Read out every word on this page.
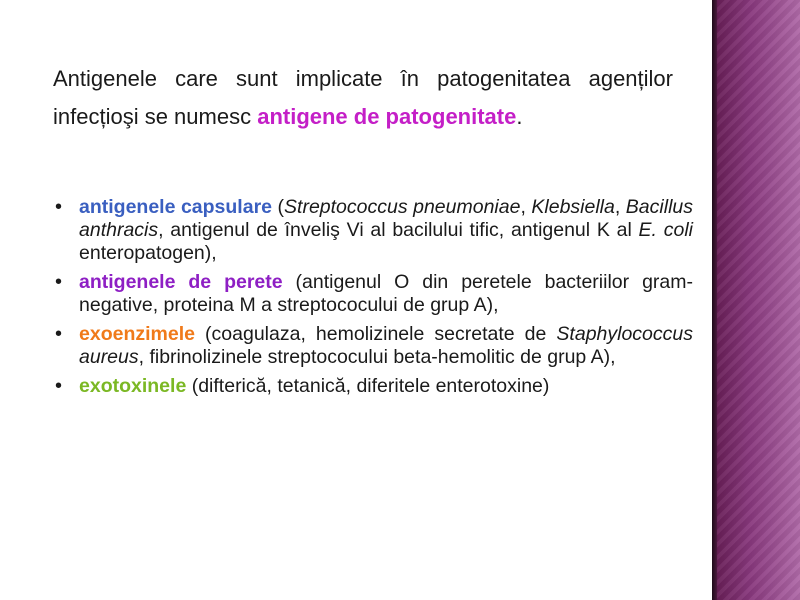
Antigenele care sunt implicate în patogenitatea agenților infecțioşi se numesc antigene de patogenitate.

• antigenele capsulare (Streptococcus pneumoniae, Klebsiella, Bacillus anthracis, antigenul de înveliş Vi al bacilului tific, antigenul K al E. coli enteropatogen),
• antigenele de perete (antigenul O din peretele bacteriilor gram-negative, proteina M a streptococului de grup A),
• exoenzimele (coagulaza, hemolizinele secretate de Staphylococcus aureus, fibrinolizinele streptococului beta-hemolitic de grup A),
• exotoxinele (difterică, tetanică, diferitele enterotoxine)
